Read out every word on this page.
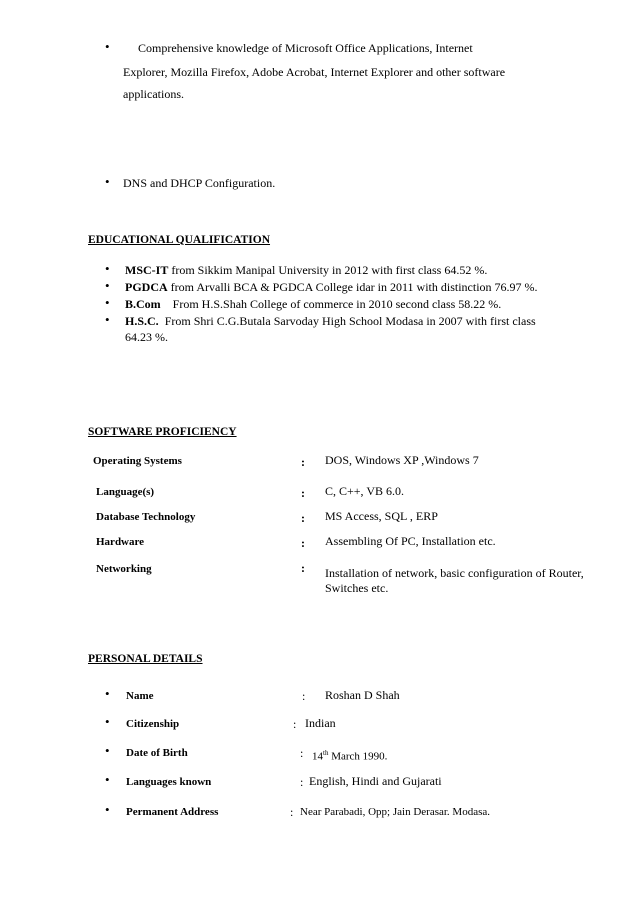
• Comprehensive knowledge of Microsoft Office Applications, Internet
Explorer, Mozilla Firefox, Adobe Acrobat, Internet Explorer and other software
applications.
• DNS and DHCP Configuration.
EDUCATIONAL QUALIFICATION
• MSC-IT from Sikkim Manipal University in 2012 with first class 64.52 %.
• PGDCA from Arvalli BCA & PGDCA College idar in 2011 with distinction 76.97 %.
• B.Com    From H.S.Shah College of commerce in 2010 second class 58.22 %.
• H.S.C.  From Shri C.G.Butala Sarvoday High School Modasa in 2007 with first class
64.23 %.
SOFTWARE PROFICIENCY
Operating Systems	: DOS, Windows XP ,Windows 7
Language(s)	: C, C++, VB 6.0.
Database Technology	: MS Access, SQL , ERP
Hardware	: Assembling Of PC, Installation etc.
Networking	: Installation of network, basic configuration of Router,
Switches etc.
PERSONAL DETAILS
• Name	: Roshan D Shah
• Citizenship	: Indian
• Date of Birth	: 14th March 1990.
• Languages known	: English, Hindi and Gujarati
• Permanent Address	: Near Parabadi, Opp; Jain Derasar. Modasa.
